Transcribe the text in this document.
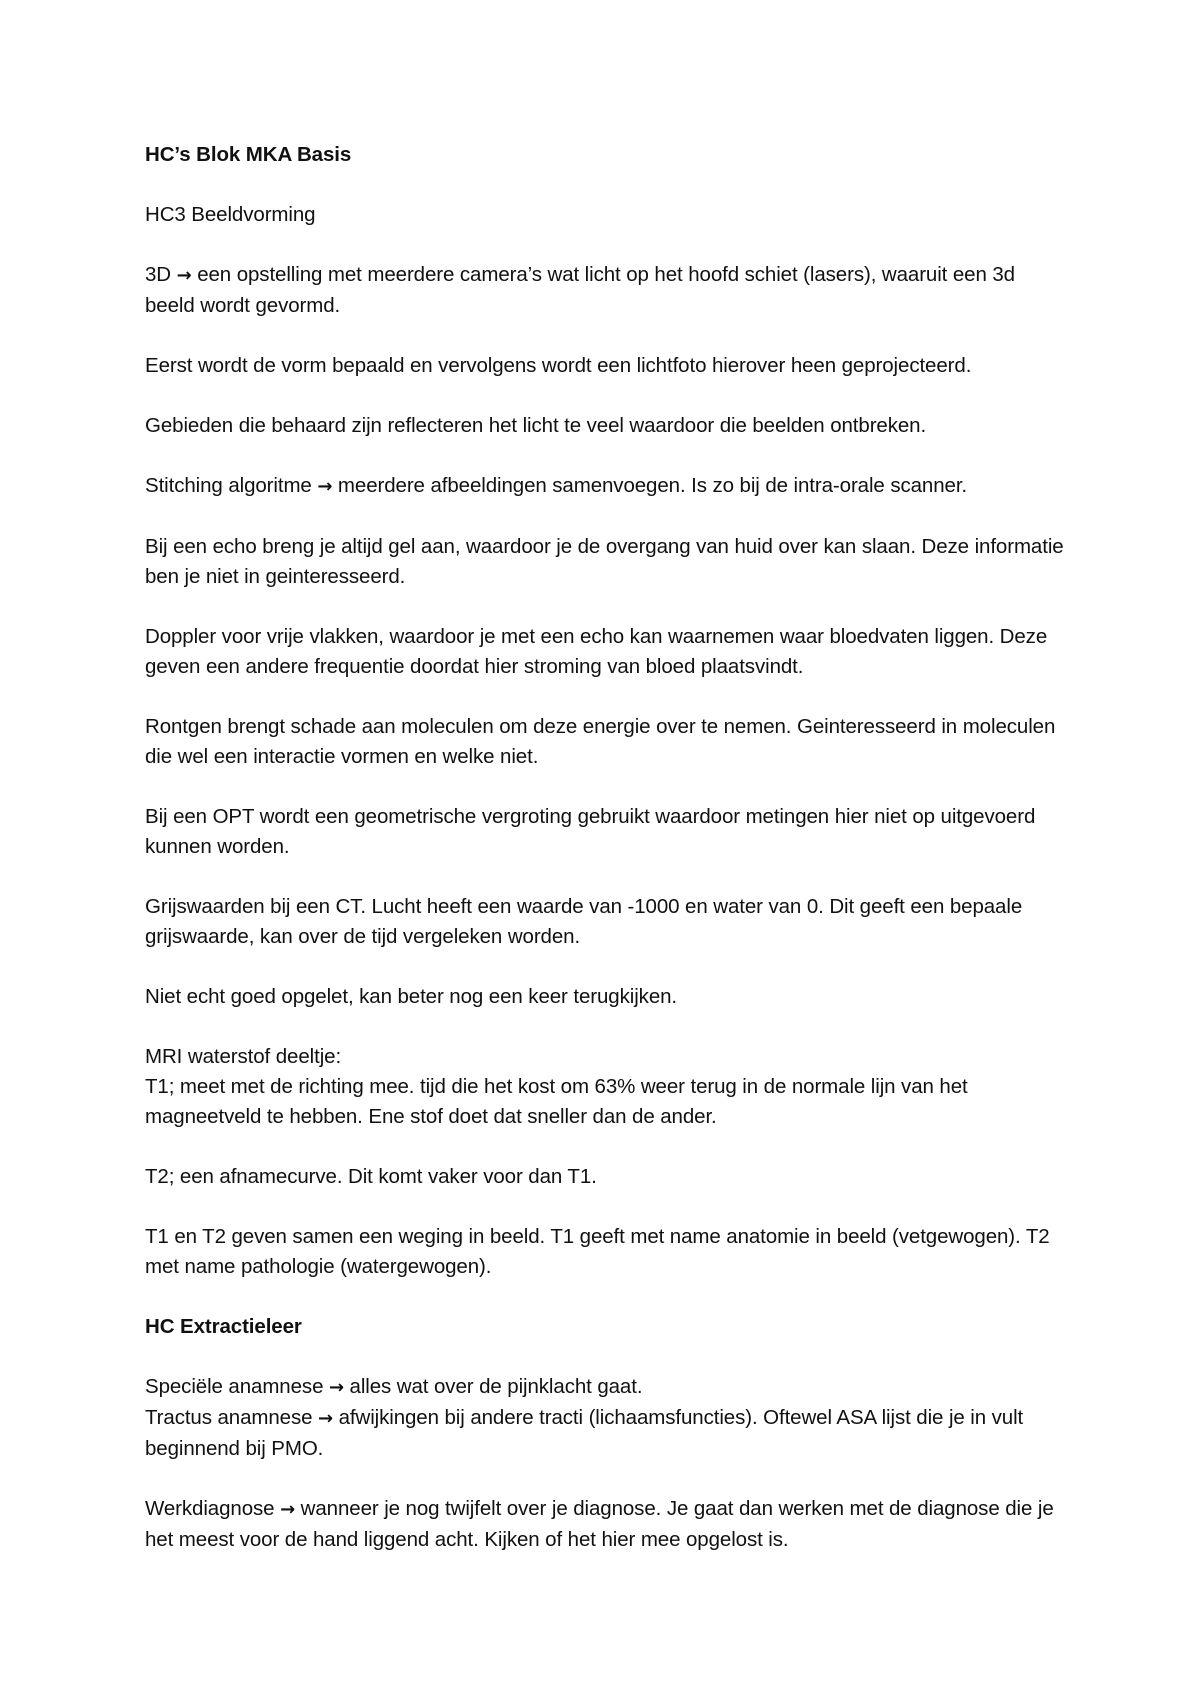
HC’s Blok MKA Basis

HC3 Beeldvorming

3D → een opstelling met meerdere camera’s wat licht op het hoofd schiet (lasers), waaruit een 3d beeld wordt gevormd.

Eerst wordt de vorm bepaald en vervolgens wordt een lichtfoto hierover heen geprojecteerd.

Gebieden die behaard zijn reflecteren het licht te veel waardoor die beelden ontbreken.

Stitching algoritme → meerdere afbeeldingen samenvoegen. Is zo bij de intra-orale scanner.

Bij een echo breng je altijd gel aan, waardoor je de overgang van huid over kan slaan. Deze informatie ben je niet in geinteresseerd.

Doppler voor vrije vlakken, waardoor je met een echo kan waarnemen waar bloedvaten liggen. Deze geven een andere frequentie doordat hier stroming van bloed plaatsvindt.

Rontgen brengt schade aan moleculen om deze energie over te nemen. Geinteresseerd in moleculen die wel een interactie vormen en welke niet.

Bij een OPT wordt een geometrische vergroting gebruikt waardoor metingen hier niet op uitgevoerd kunnen worden.

Grijswaarden bij een CT. Lucht heeft een waarde van -1000 en water van 0. Dit geeft een bepaale grijswaarde, kan over de tijd vergeleken worden.

Niet echt goed opgelet, kan beter nog een keer terugkijken.

MRI waterstof deeltje:

T1; meet met de richting mee. tijd die het kost om 63% weer terug in de normale lijn van het magneetveld te hebben. Ene stof doet dat sneller dan de ander.

T2; een afnamecurve. Dit komt vaker voor dan T1.

T1 en T2 geven samen een weging in beeld. T1 geeft met name anatomie in beeld (vetgewogen). T2 met name pathologie (watergewogen).

HC Extractieleer

Speciële anamnese → alles wat over de pijnklacht gaat.

Tractus anamnese → afwijkingen bij andere tracti (lichaamsfuncties). Oftewel ASA lijst die je in vult beginnend bij PMO.

Werkdiagnose → wanneer je nog twijfelt over je diagnose. Je gaat dan werken met de diagnose die je het meest voor de hand liggend acht. Kijken of het hier mee opgelost is.
